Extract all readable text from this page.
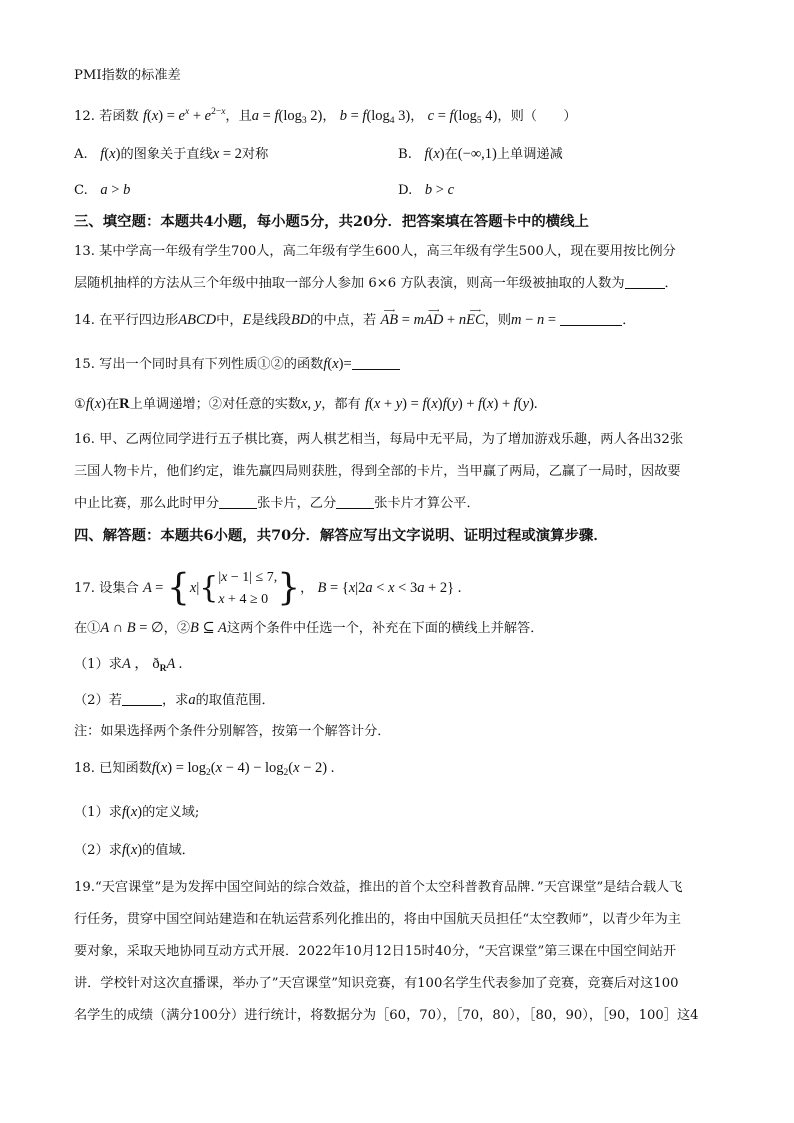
PMI指数的标准差
12. 若函数 $f(x) = e^x + e^{2-x}$，且$a = f(\log_3$ 2)， $b = f(\log_4$ 3)， $c = f(\log_5$ 4)，则（　　）
A. f(x)的图象关于直线x = 2对称	B. f(x)在(−∞,1)上单调递减
C. a > b	D. b > c
三、填空题：本题共4小题，每小题5分，共20分．把答案填在答题卡中的横线上
13. 某中学高一年级有学生700人，高二年级有学生600人，高三年级有学生500人，现在要用按比例分
层随机抽样的方法从三个年级中抽取一部分人参加 6×6 方队表演，则高一年级被抽取的人数为	．
14. 在平行四边形ABCD中，E是线段BD的中点，若 ⟶ AB = m⟶ AD + n⟶ EC，则m − n =	．
15. 写出一个同时具有下列性质①②的函数f(x)=
①f(x)在R上单调递增；②对任意的实数x, y，都有 f(x + y) = f(x)f(y) + f(x) + f(y).
16. 甲、乙两位同学进行五子棋比赛，两人棋艺相当，每局中无平局，为了增加游戏乐趣，两人各出32张
三国人物卡片，他们约定，谁先赢四局则获胜，得到全部的卡片，当甲赢了两局，乙赢了一局时，因故要
中止比赛，那么此时甲分	张卡片，乙分	张卡片才算公平．
四、解答题：本题共6小题，共70分．解答应写出文字说明、证明过程或演算步骤．
17. 设集合 A = {x|{|x − 1| ≤ 7,
x + 4 ≥ 0 }， B = {x|2a < x < 3a + 2} .
在①A ∩ B = ∅，②B ⊆ A这两个条件中任选一个，补充在下面的横线上并解答．
（1）求A ， $ð_RA$ .
（2）若	，求a的取值范围．
注：如果选择两个条件分别解答，按第一个解答计分．
18. 已知函数$f(x) = \log_2(x - 4) - \log_2(x - 2)$ .
（1）求f(x)的定义域;
（2）求f(x)的值域．
19.“天宫课堂”是为发挥中国空间站的综合效益，推出的首个太空科普教育品牌．”天宫课堂”是结合载人飞
行任务，贯穿中国空间站建造和在轨运营系列化推出的，将由中国航天员担任“太空教师”，以青少年为主
要对象，采取天地协同互动方式开展．2022年10月12日15时40分，“天宫课堂”第三课在中国空间站开
讲．学校针对这次直播课，举办了”天宫课堂”知识竞赛，有100名学生代表参加了竞赛，竞赛后对这100
名学生的成绩（满分100分）进行统计，将数据分为［60，70），［70，80），［80，90），［90，100］这4
